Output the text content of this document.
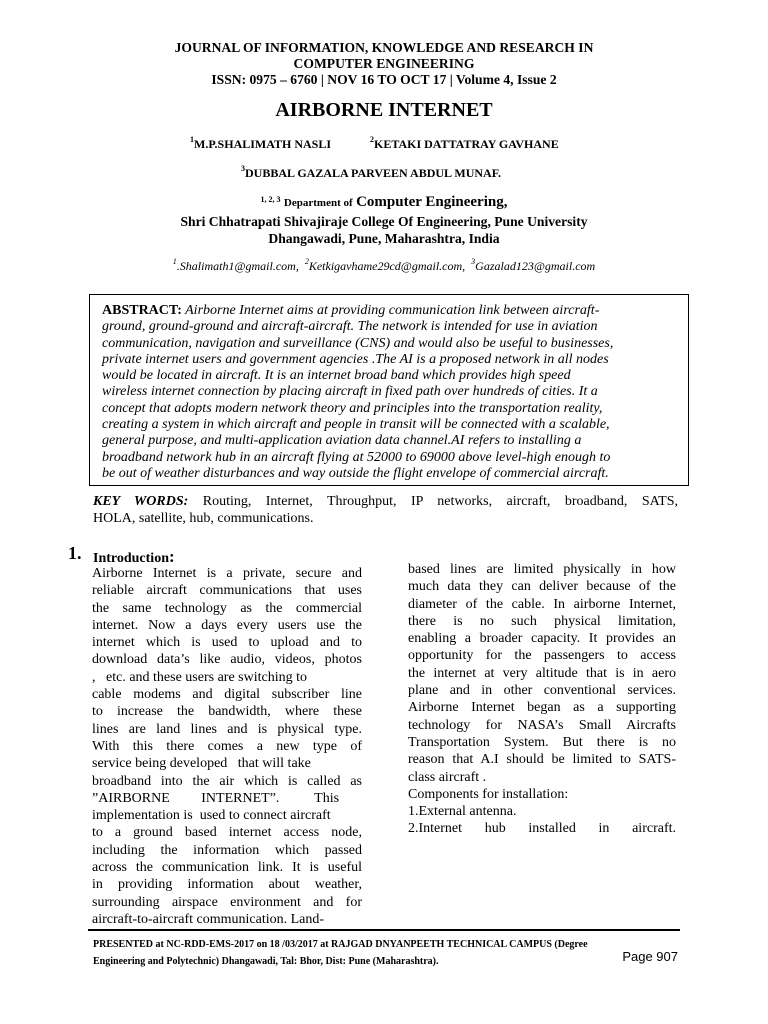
JOURNAL OF INFORMATION, KNOWLEDGE AND RESEARCH IN
COMPUTER ENGINEERING
ISSN: 0975 – 6760 | NOV 16 TO OCT 17 | Volume 4, Issue 2
AIRBORNE INTERNET
$^1$M.P.SHALIMATH NASLI	$^2$KETAKI DATTATRAY GAVHANE
$^3$DUBBAL GAZALA PARVEEN ABDUL MUNAF.
$^{1, 2, 3}$ Department of Computer Engineering,
Shri Chhatrapati Shivajiraje College Of Engineering, Pune University
Dhangawadi, Pune, Maharashtra, India
$^1$.Shalimath1@gmail.com, $^2$Ketkigavhame29cd@gmail.com, $^3$Gazalad123@gmail.com
ABSTRACT: Airborne Internet aims at providing communication link between aircraft-
ground, ground-ground and aircraft-aircraft. The network is intended for use in aviation
communication, navigation and surveillance (CNS) and would also be useful to businesses,
private internet users and government agencies .The AI is a proposed network in all nodes
would be located in aircraft. It is an internet broad band which provides high speed
wireless internet connection by placing aircraft in fixed path over hundreds of cities. It a
concept that adopts modern network theory and principles into the transportation reality,
creating a system in which aircraft and people in transit will be connected with a scalable,
general purpose, and multi-application aviation data channel.AI refers to installing a
broadband network hub in an aircraft flying at 52000 to 69000 above level-high enough to
be out of weather disturbances and way outside the flight envelope of commercial aircraft.
KEY WORDS: Routing, Internet, Throughput, IP networks, aircraft, broadband, SATS,
HOLA, satellite, hub, communications.
1. Introduction:
Airborne Internet is a private, secure and
reliable aircraft communications that uses
the same technology as the commercial
internet. Now a days every users use the
internet which is used to upload and to
download data’s like audio, videos, photos
,   etc. and these users are switching to
cable modems and digital subscriber line
to increase the bandwidth, where these
lines are land lines and is physical type.
With this there comes a new type of
service being developed   that will take
broadband into the air which is called as
”AIRBORNE         INTERNET”.          This
implementation is  used to connect aircraft
to a ground based internet access node,
including the information which passed
across the communication link. It is useful
in providing information about weather,
surrounding airspace environment and for
aircraft-to-aircraft communication. Land-
based lines are limited physically in how
much data they can deliver because of the
diameter of the cable. In airborne Internet,
there is no such physical limitation,
enabling a broader capacity. It provides an
opportunity for the passengers to access
the internet at very altitude that is in aero
plane and in other conventional services.
Airborne Internet began as a supporting
technology for NASA’s Small Aircrafts
Transportation System. But there is no
reason that A.I should be limited to SATS-
class aircraft .
Components for installation:
1.External antenna.
2.Internet hub installed in aircraft.
PRESENTED at NC-RDD-EMS-2017 on 18 /03/2017 at RAJGAD DNYANPEETH TECHNICAL CAMPUS (Degree
Engineering and Polytechnic) Dhangawadi, Tal: Bhor, Dist: Pune (Maharashtra).	Page 907
